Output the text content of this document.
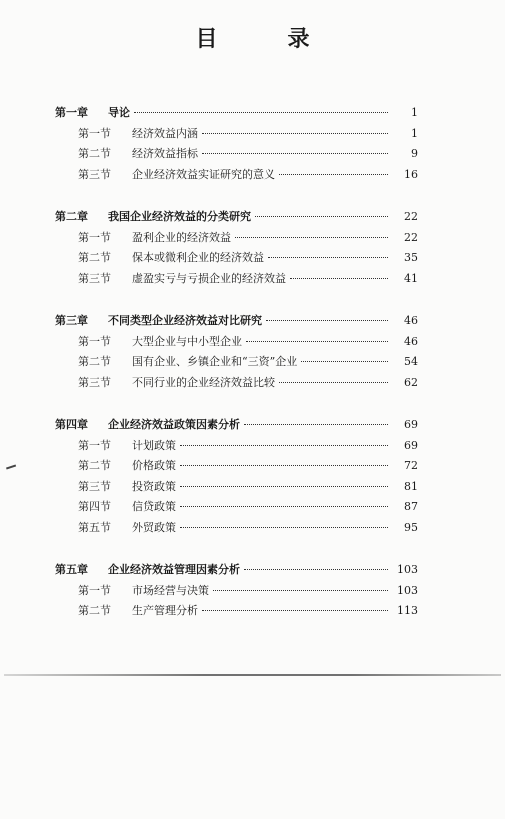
目　录
第一章	导论	1
第一节	经济效益内涵	1
第二节	经济效益指标	9
第三节	企业经济效益实证研究的意义	16
第二章	我国企业经济效益的分类研究	22
第一节	盈利企业的经济效益	22
第二节	保本或微利企业的经济效益	35
第三节	虚盈实亏与亏损企业的经济效益	41
第三章	不同类型企业经济效益对比研究	46
第一节	大型企业与中小型企业	46
第二节	国有企业、乡镇企业和“三资”企业	54
第三节	不同行业的企业经济效益比较	62
第四章	企业经济效益政策因素分析	69
第一节	计划政策	69
第二节	价格政策	72
第三节	投资政策	81
第四节	信贷政策	87
第五节	外贸政策	95
第五章	企业经济效益管理因素分析	103
第一节	市场经营与决策	103
第二节	生产管理分析	113
